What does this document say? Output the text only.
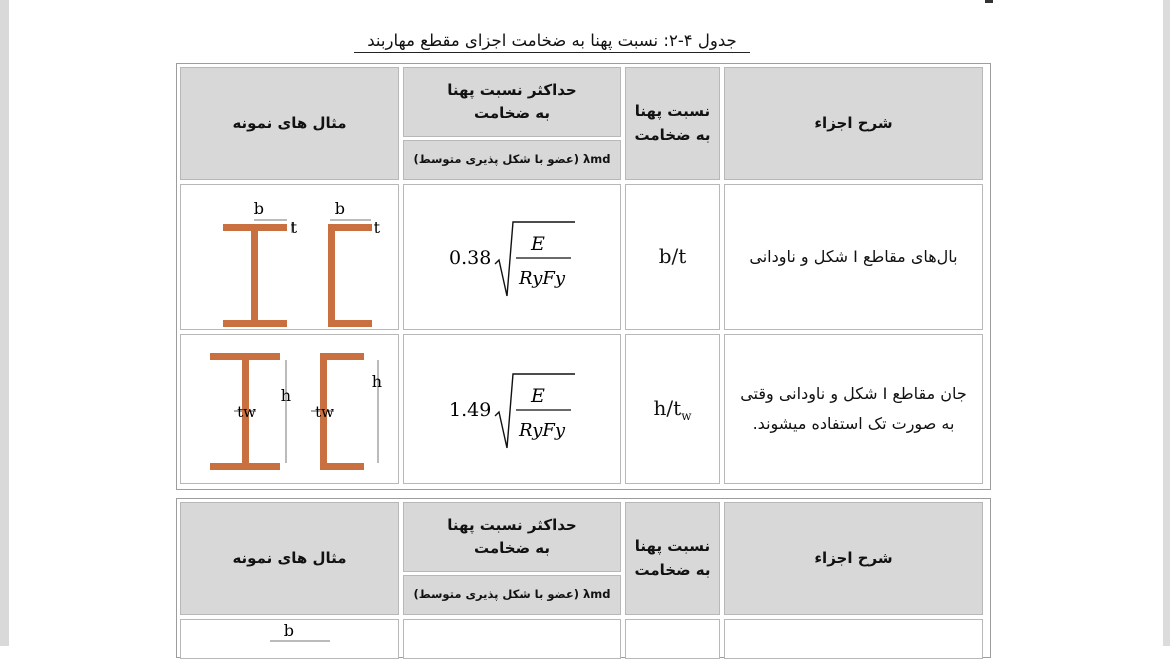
جدول ۴-۲: نسبت پهنا به ضخامت اجزای مقطع مهاربند
شرح اجزاء
نسبت پهنا به ضخامت
حداکثر نسبت پهنا به ضخامت
λmd (عضو با شکل پذیری متوسط)
مثال های نمونه
بال‌های مقاطع I شکل و ناودانی
b/t
0.38
E
RyFy
b
t
b
t
جان مقاطع I شکل و ناودانی وقتی به صورت تک استفاده میشوند.
$h/t_w$
1.49
E
RyFy
tw
h
tw
h
شرح اجزاء
نسبت پهنا به ضخامت
حداکثر نسبت پهنا به ضخامت
λmd (عضو با شکل پذیری متوسط)
مثال های نمونه
b
